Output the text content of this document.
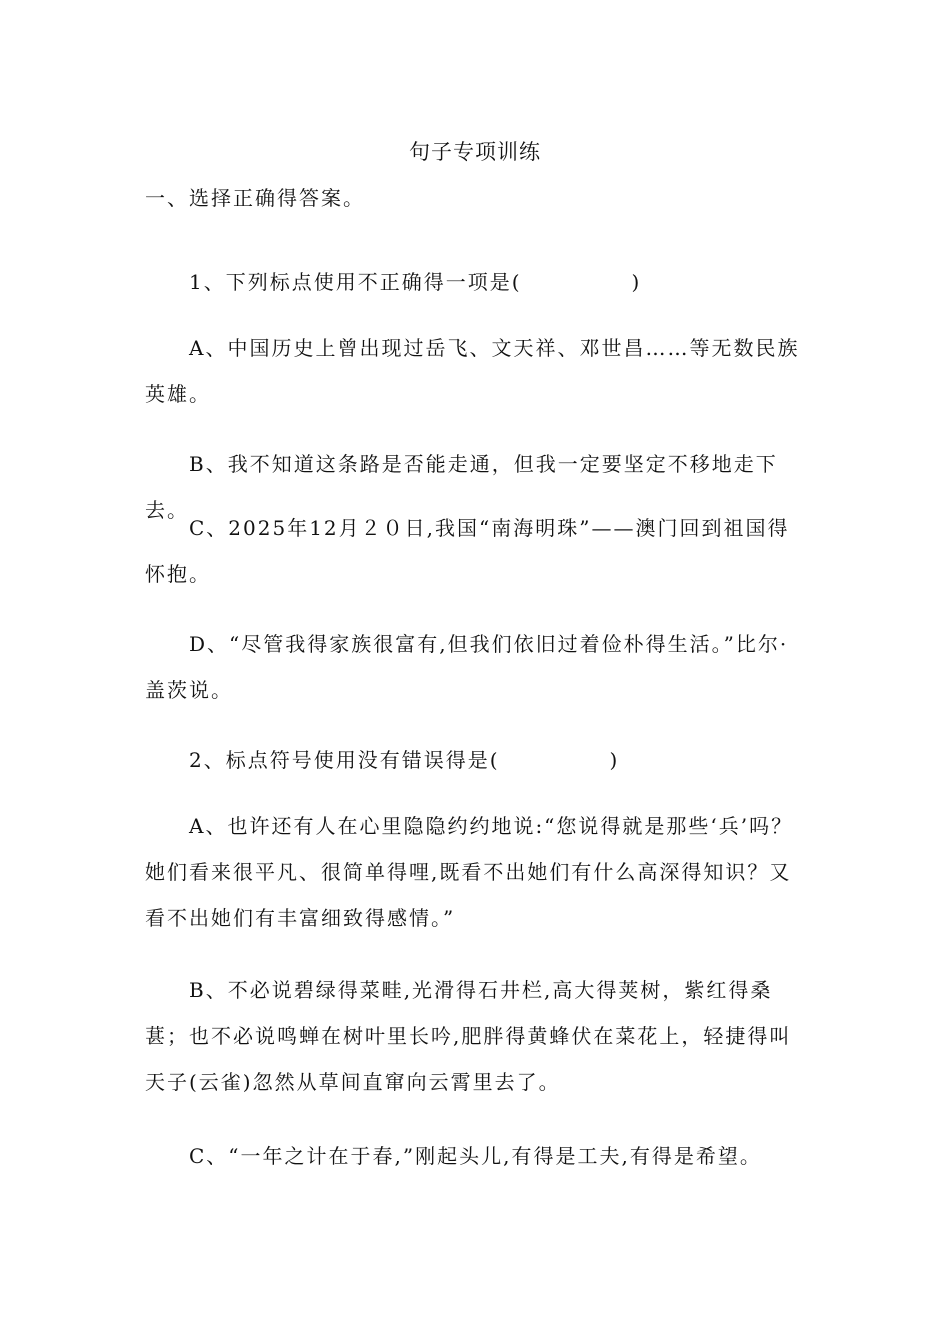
句子专项训练
一、选择正确得答案。
1、下列标点使用不正确得一项是(　　　　　)
A、中国历史上曾出现过岳飞、文天祥、邓世昌……等无数民族英雄。
B、我不知道这条路是否能走通，但我一定要坚定不移地走下去。
C、2025年12月２０日,我国“南海明珠”——澳门回到祖国得怀抱。
D、“尽管我得家族很富有,但我们依旧过着俭朴得生活。”比尔·盖茨说。
2、标点符号使用没有错误得是(　　　　　)
A、也许还有人在心里隐隐约约地说:“您说得就是那些‘兵’吗？她们看来很平凡、很简单得哩,既看不出她们有什么高深得知识？又看不出她们有丰富细致得感情。”
B、不必说碧绿得菜畦,光滑得石井栏,高大得荚树，紫红得桑葚；也不必说鸣蝉在树叶里长吟,肥胖得黄蜂伏在菜花上，轻捷得叫天子(云雀)忽然从草间直窜向云霄里去了。
C、“一年之计在于春,”刚起头儿,有得是工夫,有得是希望。
